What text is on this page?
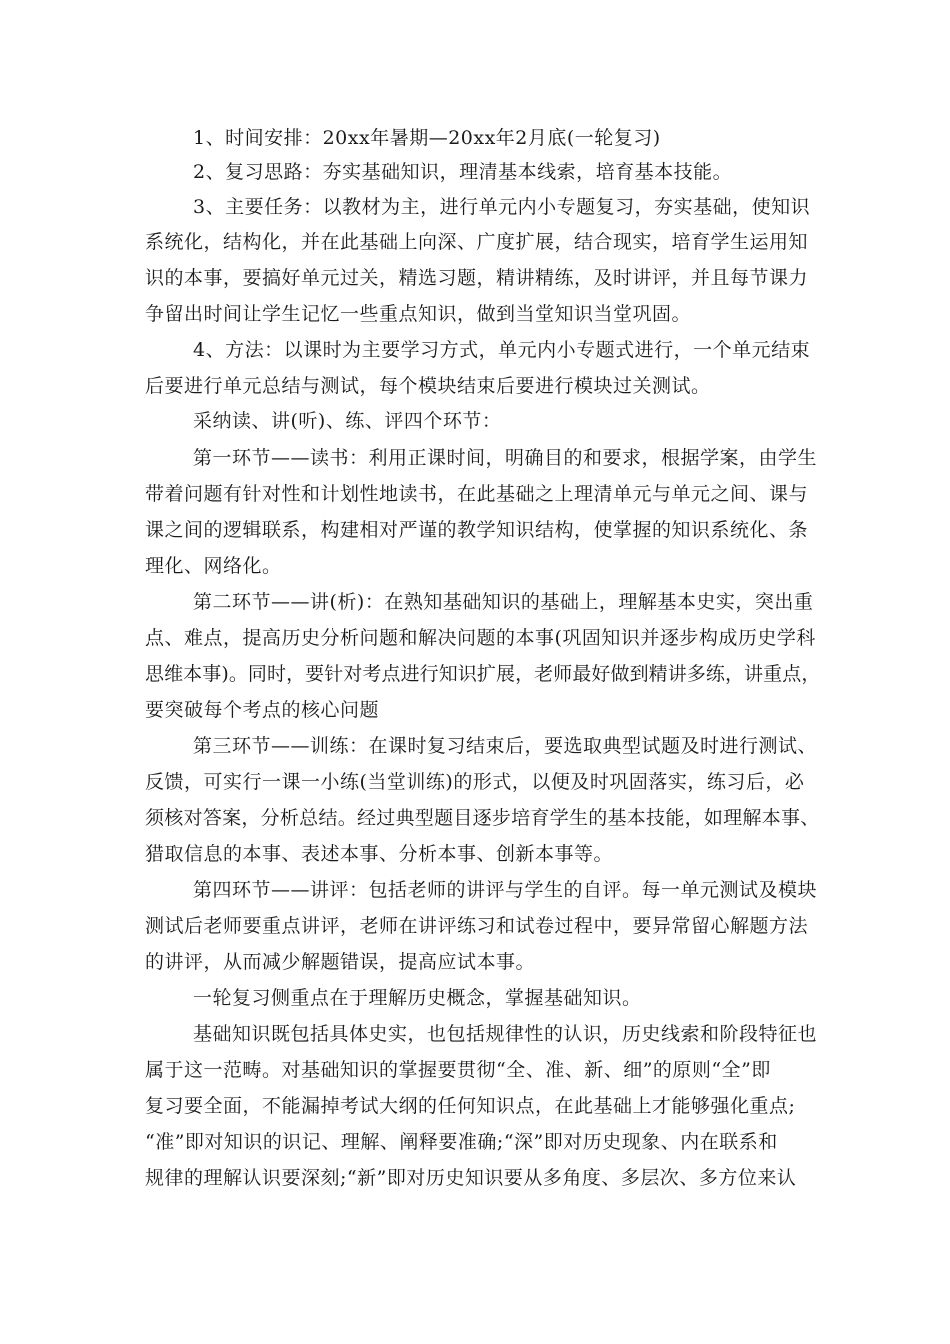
1、时间安排：20xx年暑期—20xx年2月底(一轮复习)
2、复习思路：夯实基础知识，理清基本线索，培育基本技能。
3、主要任务：以教材为主，进行单元内小专题复习，夯实基础，使知识
系统化，结构化，并在此基础上向深、广度扩展，结合现实，培育学生运用知
识的本事，要搞好单元过关，精选习题，精讲精练，及时讲评，并且每节课力
争留出时间让学生记忆一些重点知识，做到当堂知识当堂巩固。
4、方法：以课时为主要学习方式，单元内小专题式进行，一个单元结束
后要进行单元总结与测试，每个模块结束后要进行模块过关测试。
采纳读、讲(听)、练、评四个环节：
第一环节——读书：利用正课时间，明确目的和要求，根据学案，由学生
带着问题有针对性和计划性地读书，在此基础之上理清单元与单元之间、课与
课之间的逻辑联系，构建相对严谨的教学知识结构，使掌握的知识系统化、条
理化、网络化。
第二环节——讲(析)：在熟知基础知识的基础上，理解基本史实，突出重
点、难点，提高历史分析问题和解决问题的本事(巩固知识并逐步构成历史学科
思维本事)。同时，要针对考点进行知识扩展，老师最好做到精讲多练，讲重点，
要突破每个考点的核心问题
第三环节——训练：在课时复习结束后，要选取典型试题及时进行测试、
反馈，可实行一课一小练(当堂训练)的形式，以便及时巩固落实，练习后，必
须核对答案，分析总结。经过典型题目逐步培育学生的基本技能，如理解本事、
猎取信息的本事、表述本事、分析本事、创新本事等。
第四环节——讲评：包括老师的讲评与学生的自评。每一单元测试及模块
测试后老师要重点讲评，老师在讲评练习和试卷过程中，要异常留心解题方法
的讲评，从而减少解题错误，提高应试本事。
一轮复习侧重点在于理解历史概念，掌握基础知识。
基础知识既包括具体史实，也包括规律性的认识，历史线索和阶段特征也
属于这一范畴。对基础知识的掌握要贯彻“全、准、新、细”的原则“全”即
复习要全面，不能漏掉考试大纲的任何知识点，在此基础上才能够强化重点;
“准”即对知识的识记、理解、阐释要准确;“深”即对历史现象、内在联系和
规律的理解认识要深刻;“新”即对历史知识要从多角度、多层次、多方位来认
